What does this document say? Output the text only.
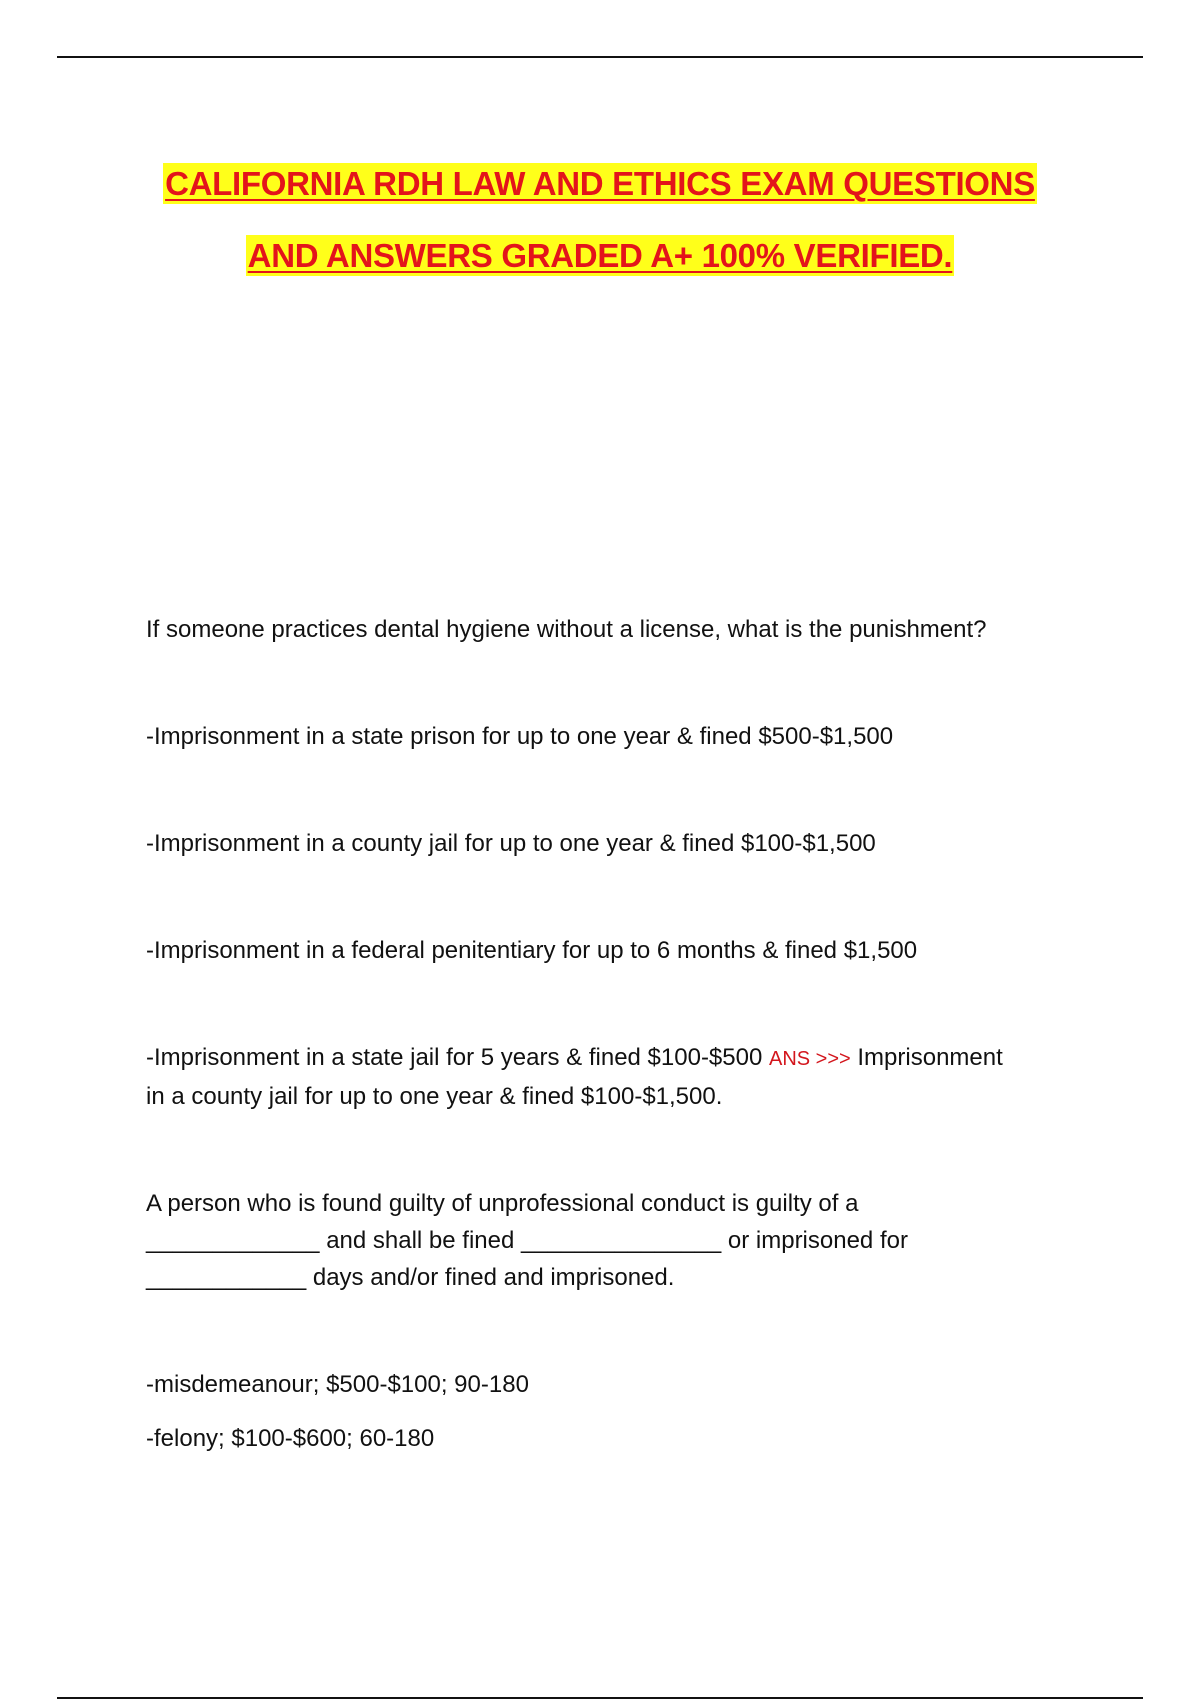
CALIFORNIA RDH LAW AND ETHICS EXAM QUESTIONS
AND ANSWERS GRADED A+ 100% VERIFIED.

If someone practices dental hygiene without a license, what is the punishment?

-Imprisonment in a state prison for up to one year & fined $500-$1,500

-Imprisonment in a county jail for up to one year & fined $100-$1,500

-Imprisonment in a federal penitentiary for up to 6 months & fined $1,500

-Imprisonment in a state jail for 5 years & fined $100-$500 ANS >>> Imprisonment
in a county jail for up to one year & fined $100-$1,500.

A person who is found guilty of unprofessional conduct is guilty of a
_____________ and shall be fined _______________ or imprisoned for
____________ days and/or fined and imprisoned.

-misdemeanour; $500-$100; 90-180

-felony; $100-$600; 60-180
